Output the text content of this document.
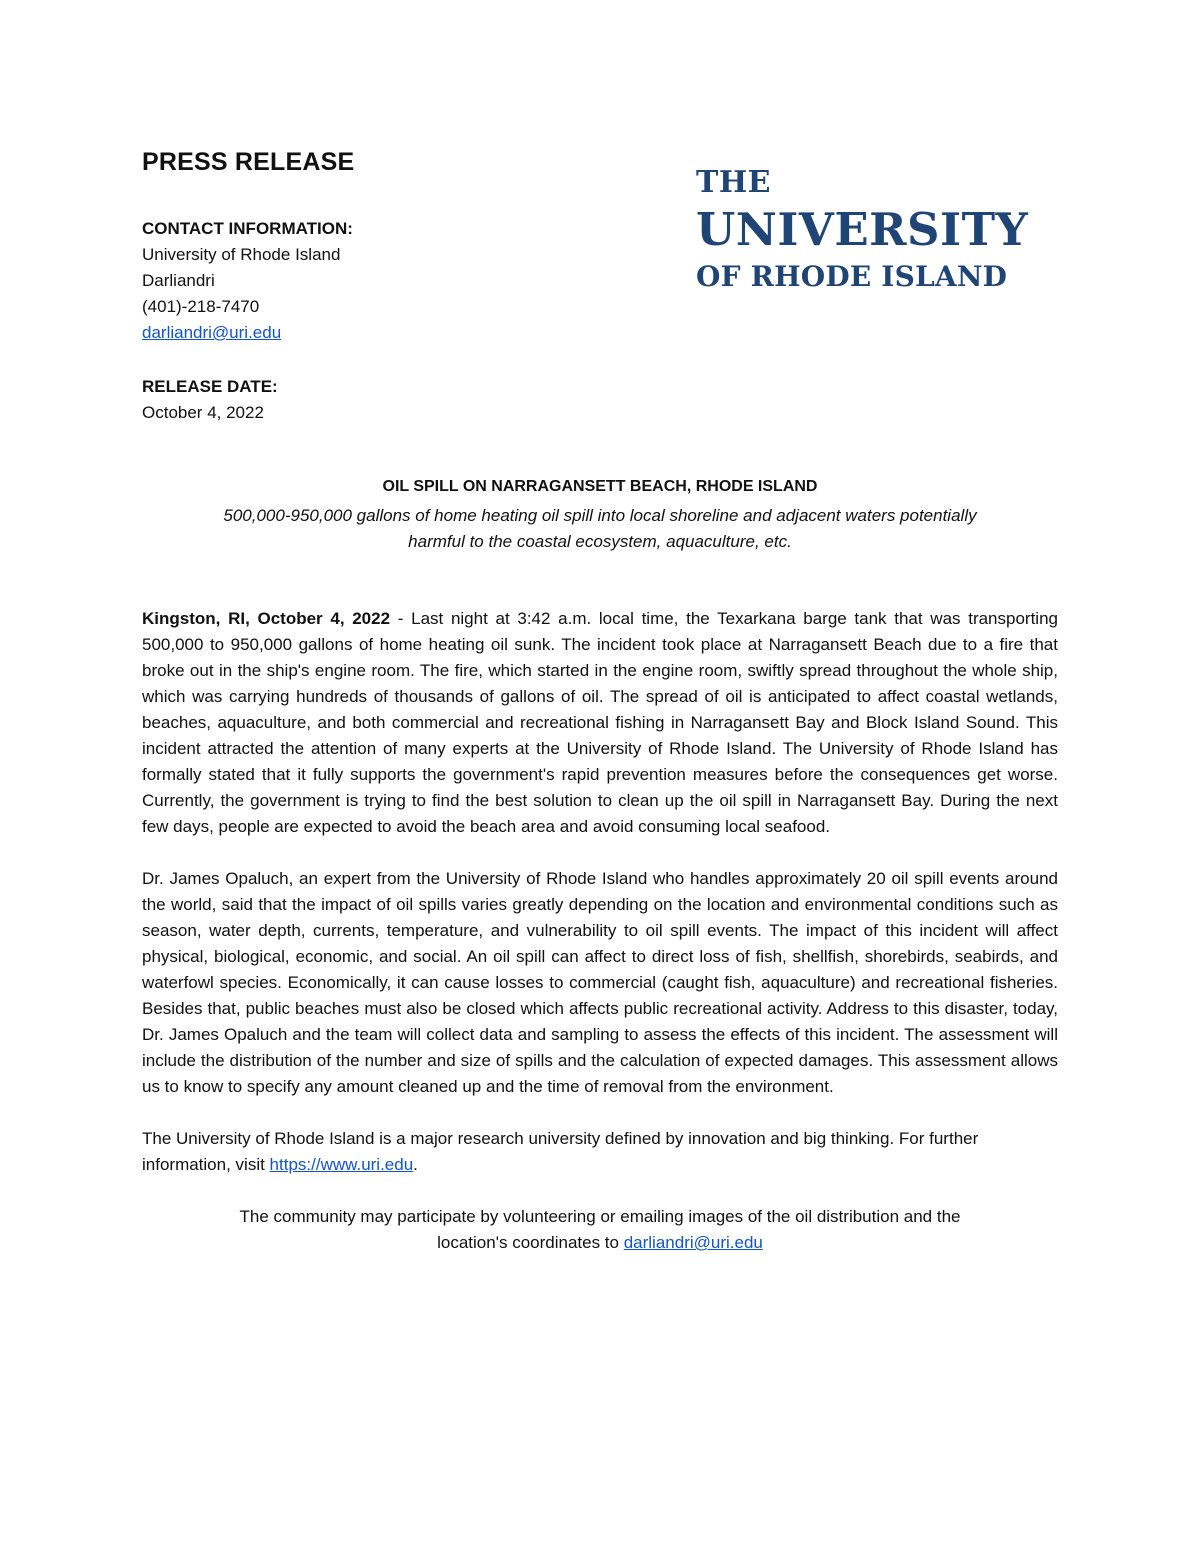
PRESS RELEASE

CONTACT INFORMATION:

University of Rhode Island

Darliandri

(401)-218-7470

darliandri@uri.edu

RELEASE DATE:

October 4, 2022

THE

UNIVERSITY

OF RHODE ISLAND

OIL SPILL ON NARRAGANSETT BEACH, RHODE ISLAND

500,000-950,000 gallons of home heating oil spill into local shoreline and adjacent waters potentially

harmful to the coastal ecosystem, aquaculture, etc.

Kingston, RI, October 4, 2022 - Last night at 3:42 a.m. local time, the Texarkana barge tank that was transporting 500,000 to 950,000 gallons of home heating oil sunk. The incident took place at Narragansett Beach due to a fire that broke out in the ship's engine room. The fire, which started in the engine room, swiftly spread throughout the whole ship, which was carrying hundreds of thousands of gallons of oil. The spread of oil is anticipated to affect coastal wetlands, beaches, aquaculture, and both commercial and recreational fishing in Narragansett Bay and Block Island Sound. This incident attracted the attention of many experts at the University of Rhode Island. The University of Rhode Island has formally stated that it fully supports the government's rapid prevention measures before the consequences get worse. Currently, the government is trying to find the best solution to clean up the oil spill in Narragansett Bay. During the next few days, people are expected to avoid the beach area and avoid consuming local seafood.

Dr. James Opaluch, an expert from the University of Rhode Island who handles approximately 20 oil spill events around the world, said that the impact of oil spills varies greatly depending on the location and environmental conditions such as season, water depth, currents, temperature, and vulnerability to oil spill events. The impact of this incident will affect physical, biological, economic, and social. An oil spill can affect to direct loss of fish, shellfish, shorebirds, seabirds, and waterfowl species. Economically, it can cause losses to commercial (caught fish, aquaculture) and recreational fisheries. Besides that, public beaches must also be closed which affects public recreational activity. Address to this disaster, today, Dr. James Opaluch and the team will collect data and sampling to assess the effects of this incident. The assessment will include the distribution of the number and size of spills and the calculation of expected damages. This assessment allows us to know to specify any amount cleaned up and the time of removal from the environment.

The University of Rhode Island is a major research university defined by innovation and big thinking. For further information, visit https://www.uri.edu.

The community may participate by volunteering or emailing images of the oil distribution and the

location's coordinates to darliandri@uri.edu
